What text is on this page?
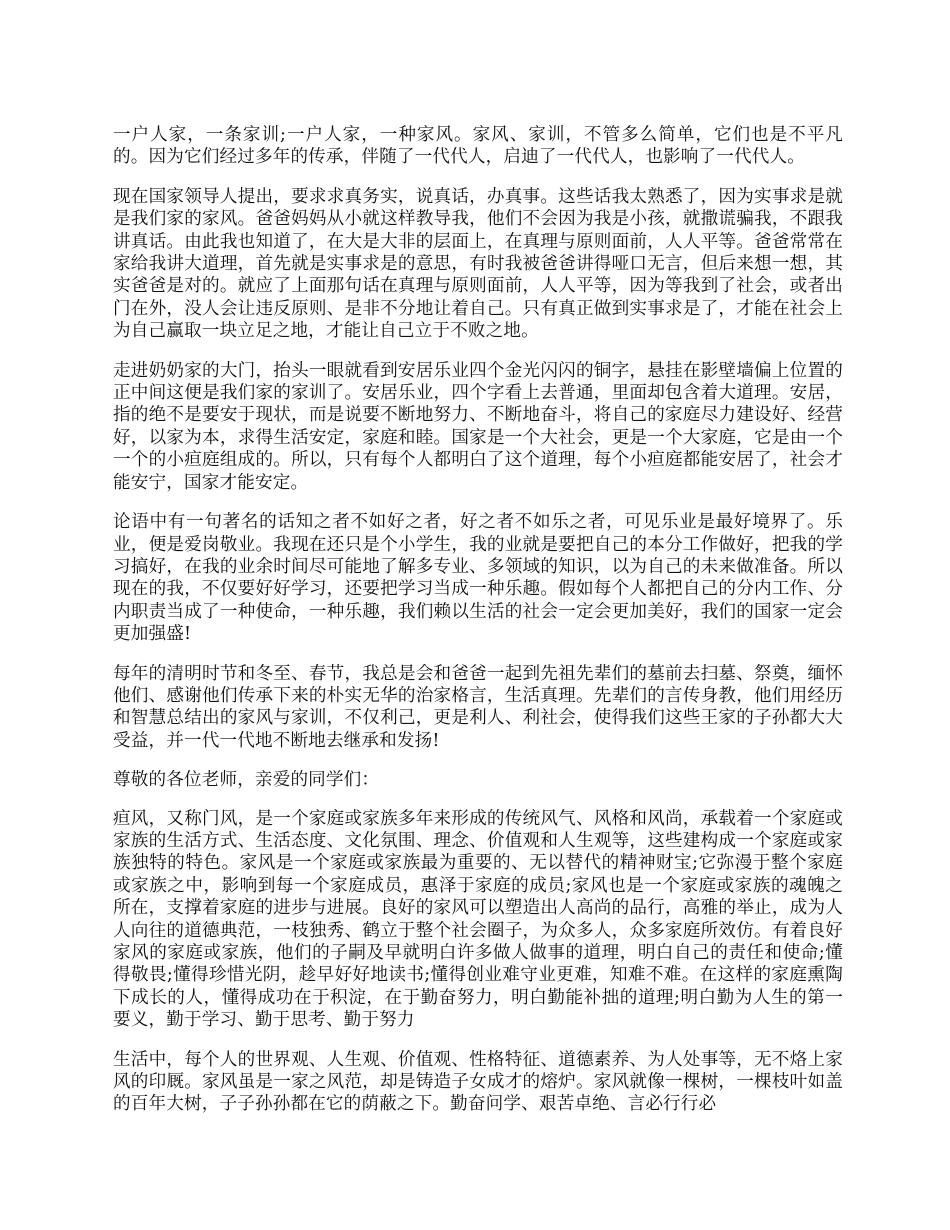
一户人家，一条家训;一户人家，一种家风。家风、家训，不管多么简单，它们也是不平凡的。因为它们经过多年的传承，伴随了一代代人，启迪了一代代人，也影响了一代代人。

现在国家领导人提出，要求求真务实，说真话，办真事。这些话我太熟悉了，因为实事求是就是我们家的家风。爸爸妈妈从小就这样教导我，他们不会因为我是小孩，就撒谎骗我，不跟我讲真话。由此我也知道了，在大是大非的层面上，在真理与原则面前，人人平等。爸爸常常在家给我讲大道理，首先就是实事求是的意思，有时我被爸爸讲得哑口无言，但后来想一想，其实爸爸是对的。就应了上面那句话在真理与原则面前，人人平等，因为等我到了社会，或者出门在外，没人会让违反原则、是非不分地让着自己。只有真正做到实事求是了，才能在社会上为自己赢取一块立足之地，才能让自己立于不败之地。

走进奶奶家的大门，抬头一眼就看到安居乐业四个金光闪闪的铜字，悬挂在影壁墙偏上位置的正中间这便是我们家的家训了。安居乐业，四个字看上去普通，里面却包含着大道理。安居，指的绝不是要安于现状，而是说要不断地努力、不断地奋斗，将自己的家庭尽力建设好、经营好，以家为本，求得生活安定，家庭和睦。国家是一个大社会，更是一个大家庭，它是由一个一个的小疸庭组成的。所以，只有每个人都明白了这个道理，每个小疸庭都能安居了，社会才能安宁，国家才能安定。

论语中有一句著名的话知之者不如好之者，好之者不如乐之者，可见乐业是最好境界了。乐业，便是爱岗敬业。我现在还只是个小学生，我的业就是要把自己的本分工作做好，把我的学习搞好，在我的业余时间尽可能地了解多专业、多领域的知识，以为自己的未来做准备。所以现在的我，不仅要好好学习，还要把学习当成一种乐趣。假如每个人都把自己的分内工作、分内职责当成了一种使命，一种乐趣，我们赖以生活的社会一定会更加美好，我们的国家一定会更加强盛!

每年的清明时节和冬至、春节，我总是会和爸爸一起到先祖先辈们的墓前去扫墓、祭奠，缅怀他们、感谢他们传承下来的朴实无华的治家格言，生活真理。先辈们的言传身教，他们用经历和智慧总结出的家风与家训，不仅利己，更是利人、利社会，使得我们这些王家的子孙都大大受益，并一代一代地不断地去继承和发扬!

尊敬的各位老师，亲爱的同学们：

疸风，又称门风，是一个家庭或家族多年来形成的传统风气、风格和风尚，承载着一个家庭或家族的生活方式、生活态度、文化氛围、理念、价值观和人生观等，这些建构成一个家庭或家族独特的特色。家风是一个家庭或家族最为重要的、无以替代的精神财宝;它弥漫于整个家庭或家族之中，影响到每一个家庭成员，惠泽于家庭的成员;家风也是一个家庭或家族的魂魄之所在，支撑着家庭的进步与进展。良好的家风可以塑造出人高尚的品行，高雅的举止，成为人人向往的道德典范，一枝独秀、鹤立于整个社会圈子，为众多人，众多家庭所效仿。有着良好家风的家庭或家族，他们的子嗣及早就明白许多做人做事的道理，明白自己的责任和使命;懂得敬畏;懂得珍惜光阴，趁早好好地读书;懂得创业难守业更难，知难不难。在这样的家庭熏陶下成长的人，懂得成功在于积淀，在于勤奋努力，明白勤能补拙的道理;明白勤为人生的第一要义，勤于学习、勤于思考、勤于努力

生活中，每个人的世界观、人生观、价值观、性格特征、道德素养、为人处事等，无不烙上家风的印厩。家风虽是一家之风范，却是铸造子女成才的熔炉。家风就像一棵树，一棵枝叶如盖的百年大树，子子孙孙都在它的荫蔽之下。勤奋问学、艰苦卓绝、言必行行必
